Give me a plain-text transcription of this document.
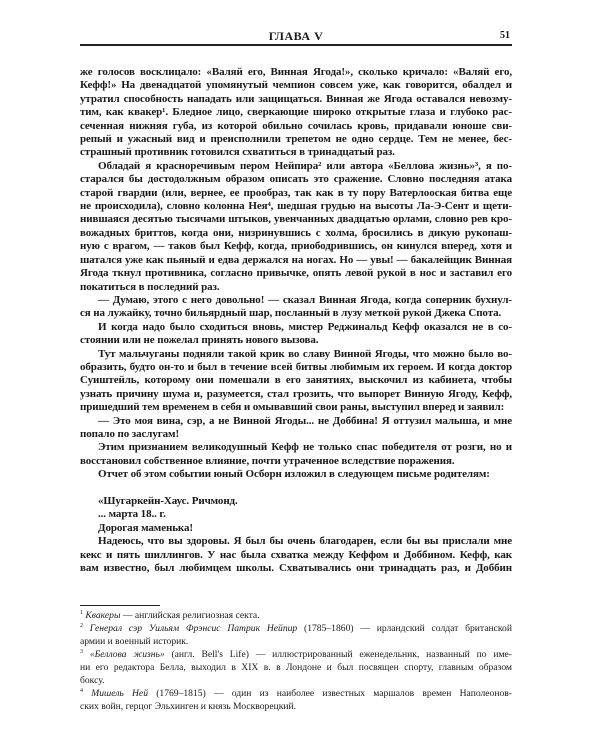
ГЛАВА V	51
же голосов восклицало: «Валяй его, Винная Ягода!», сколько кричало: «Валяй его,
Кефф!» На двенадцатой упомянутый чемпион совсем уже, как говорится, обалдел и
утратил способность нападать или защищаться. Винная же Ягода оставался невозму-
тим, как квакер¹. Бледное лицо, сверкающие широко открытые глаза и глубоко рас-
сеченная нижняя губа, из которой обильно сочилась кровь, придавали юноше сви-
репый и ужасный вид и преисполнили трепетом не одно сердце. Тем не менее, бес-
страшный противник готовился схватиться в тринадцатый раз.
Обладай я красноречивым пером Нейпира² или автора «Беллова жизнь»³, я по-
старался бы достодолжным образом описать это сражение. Словно последняя атака
старой гвардии (или, вернее, ее прообраз, так как в ту пору Ватерлооская битва еще
не происходила), словно колонна Нея⁴, шедшая грудью на высоты Ла-Э-Сент и щети-
нившаяся десятью тысячами штыков, увенчанных двадцатью орлами, словно рев кро-
вожадных бриттов, когда они, низринувшись с холма, бросились в дикую рукопаш-
ную с врагом, — таков был Кефф, когда, приободрившись, он кинулся вперед, хотя и
шатался уже как пьяный и едва держался на ногах. Но — увы! — бакалейщик Винная
Ягода ткнул противника, согласно привычке, опять левой рукой в нос и заставил его
покатиться в последний раз.
— Думаю, этого с него довольно! — сказал Винная Ягода, когда соперник бухнул-
ся на лужайку, точно бильярдный шар, посланный в лузу меткой рукой Джека Спота.
И когда надо было сходиться вновь, мистер Реджинальд Кефф оказался не в со-
стоянии или не пожелал принять нового вызова.
Тут мальчуганы подняли такой крик во славу Винной Ягоды, что можно было во-
образить, будто он-то и был в течение всей битвы любимым их героем. И когда доктор
Суиштейль, которому они помешали в его занятиях, выскочил из кабинета, чтобы
узнать причину шума и, разумеется, стал грозить, что выпорет Винную Ягоду, Кефф,
пришедший тем временем в себя и омывавший свои раны, выступил вперед и заявил:
— Это моя вина, сэр, а не Винной Ягоды... не Доббина! Я оттузил малыша, и мне
попало по заслугам!
Этим признанием великодушный Кефф не только спас победителя от розги, но и
восстановил собственное влияние, почти утраченное вследствие поражения.
Отчет об этом событии юный Осборн изложил в следующем письме родителям:
«Шугаркейн-Хаус. Ричмонд.
... марта 18.. г.
Дорогая маменька!
Надеюсь, что вы здоровы. Я был бы очень благодарен, если бы вы прислали мне
кекс и пять шиллингов. У нас была схватка между Кеффом и Доббином. Кефф, как
вам известно, был любимцем школы. Схватывались они тринадцать раз, и Доббин
$^1$ Квакеры — английская религиозная секта.
$^2$ Генерал сэр Уильям Фрэнсис Патрик Нейпир (1785–1860) — ирландский солдат британской
армии и военный историк.
$^3$ «Беллова жизнь» (англ. Bell's Life) — иллюстрированный еженедельник, названный по име-
ни его редактора Белла, выходил в XIX в. в Лондоне и был посвящен спорту, главным образом
боксу.
$^4$ Мишель Ней (1769–1815) — один из наиболее известных маршалов времен Наполеонов-
ских войн, герцог Эльхинген и князь Москворецкий.
